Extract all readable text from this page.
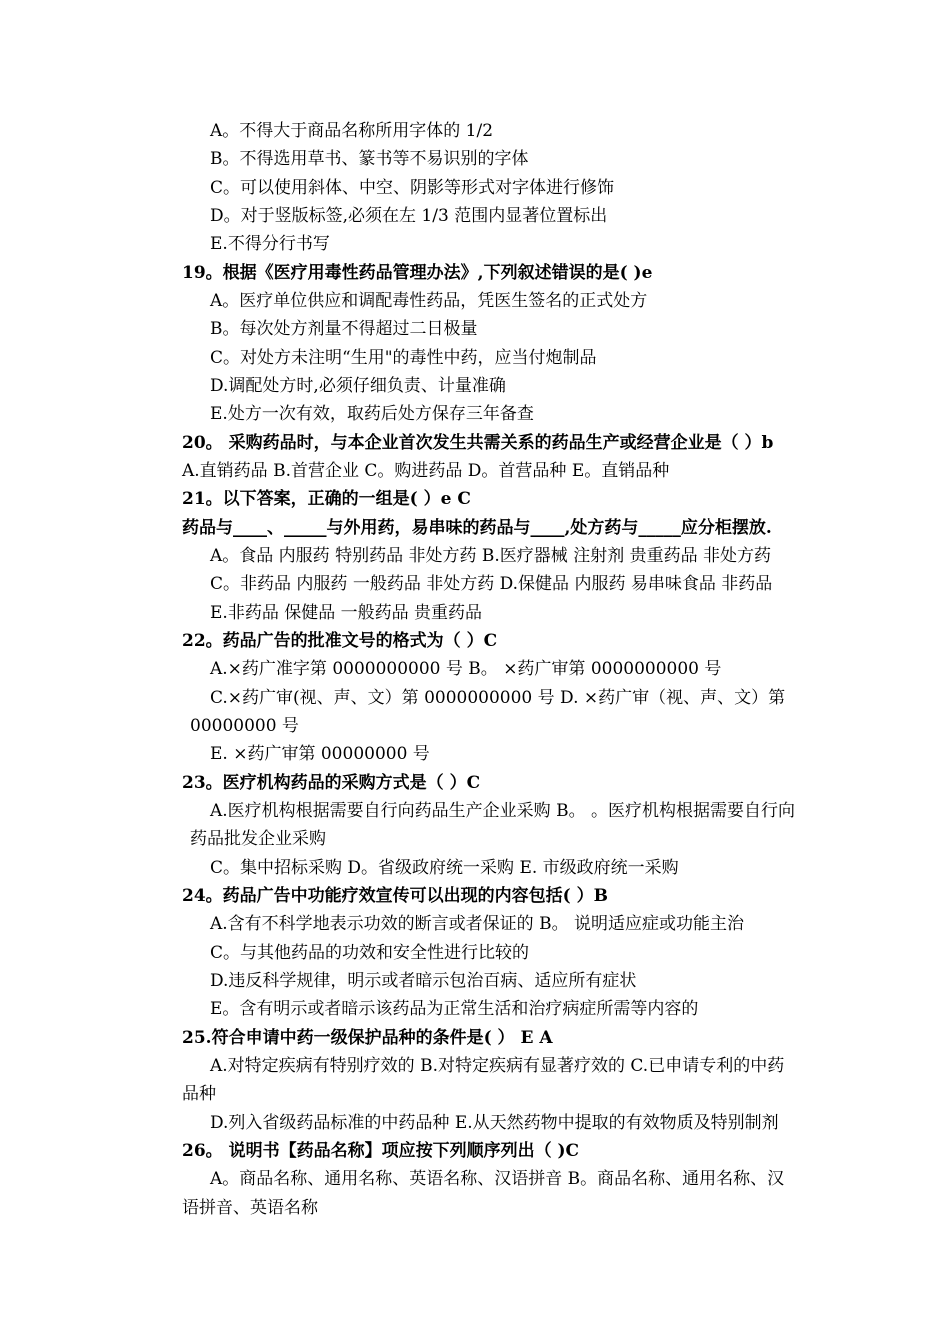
A。不得大于商品名称所用字体的 1/2
B。不得选用草书、篆书等不易识别的字体
C。可以使用斜体、中空、阴影等形式对字体进行修饰
D。对于竖版标签,必须在左 1/3 范围内显著位置标出
E.不得分行书写
19。根据《医疗用毒性药品管理办法》,下列叙述错误的是( )e
A。医疗单位供应和调配毒性药品，凭医生签名的正式处方
B。每次处方剂量不得超过二日极量
C。对处方未注明“生用"的毒性中药，应当付炮制品
D.调配处方时,必须仔细负责、计量准确
E.处方一次有效，取药后处方保存三年备查
20。 采购药品时，与本企业首次发生共需关系的药品生产或经营企业是（ ）b
A.直销药品 B.首营企业 C。购进药品 D。首营品种 E。直销品种
21。以下答案，正确的一组是( ）e C
药品与____、_____与外用药，易串味的药品与____,处方药与_____应分柜摆放.
A。食品 内服药 特别药品 非处方药 B.医疗器械 注射剂 贵重药品 非处方药
C。非药品 内服药 一般药品 非处方药 D.保健品 内服药 易串味食品 非药品
E.非药品 保健品 一般药品 贵重药品
22。药品广告的批准文号的格式为（ ）C
A.×药广准字第 0000000000 号 B。 ×药广审第 0000000000 号
C.×药广审(视、声、文）第 0000000000 号 D. ×药广审（视、声、文）第
00000000 号
E. ×药广审第 00000000 号
23。医疗机构药品的采购方式是（ ）C
A.医疗机构根据需要自行向药品生产企业采购 B。 。医疗机构根据需要自行向
药品批发企业采购
C。集中招标采购 D。省级政府统一采购 E. 市级政府统一采购
24。药品广告中功能疗效宣传可以出现的内容包括( ）B
A.含有不科学地表示功效的断言或者保证的 B。 说明适应症或功能主治
C。与其他药品的功效和安全性进行比较的
D.违反科学规律，明示或者暗示包治百病、适应所有症状
E。含有明示或者暗示该药品为正常生活和治疗病症所需等内容的
25.符合申请中药一级保护品种的条件是( ） E A
A.对特定疾病有特别疗效的 B.对特定疾病有显著疗效的 C.已申请专利的中药
品种
D.列入省级药品标准的中药品种 E.从天然药物中提取的有效物质及特别制剂
26。 说明书【药品名称】项应按下列顺序列出（ )C
A。商品名称、通用名称、英语名称、汉语拼音 B。商品名称、通用名称、汉
语拼音、英语名称
